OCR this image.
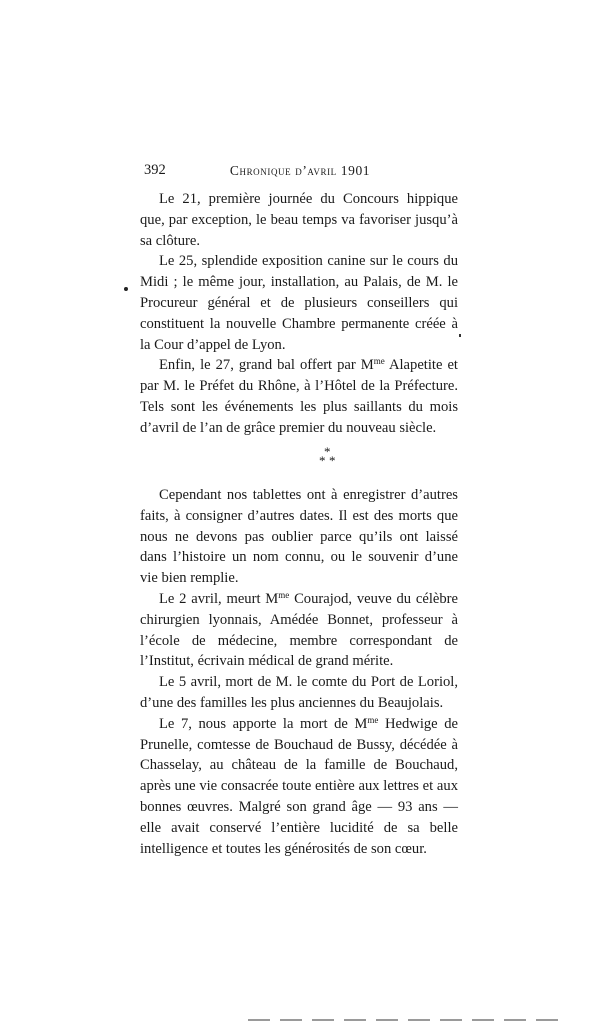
392	Chronique d’avril 1901

Le 21, première journée du Concours hippique que, par exception, le beau temps va favoriser jusqu’à sa clôture.

Le 25, splendide exposition canine sur le cours du Midi ; le même jour, installation, au Palais, de M. le Procureur général et de plusieurs conseillers qui constituent la nouvelle Chambre permanente créée à la Cour d’appel de Lyon.

Enfin, le 27, grand bal offert par $M^{me}$ Alapetite et par M. le Préfet du Rhône, à l’Hôtel de la Préfecture. Tels sont les événements les plus saillants du mois d’avril de l’an de grâce premier du nouveau siècle.

*
* *

Cependant nos tablettes ont à enregistrer d’autres faits, à consigner d’autres dates. Il est des morts que nous ne devons pas oublier parce qu’ils ont laissé dans l’histoire un nom connu, ou le souvenir d’une vie bien remplie.

Le 2 avril, meurt $M^{me}$ Courajod, veuve du célèbre chirurgien lyonnais, Amédée Bonnet, professeur à l’école de médecine, membre correspondant de l’Institut, écrivain médical de grand mérite.

Le 5 avril, mort de M. le comte du Port de Loriol, d’une des familles les plus anciennes du Beaujolais.

Le 7, nous apporte la mort de $M^{me}$ Hedwige de Prunelle, comtesse de Bouchaud de Bussy, décédée à Chasselay, au château de la famille de Bouchaud, après une vie consacrée toute entière aux lettres et aux bonnes œuvres. Malgré son grand âge — 93 ans — elle avait conservé l’entière lucidité de sa belle intelligence et toutes les générosités de son cœur.
